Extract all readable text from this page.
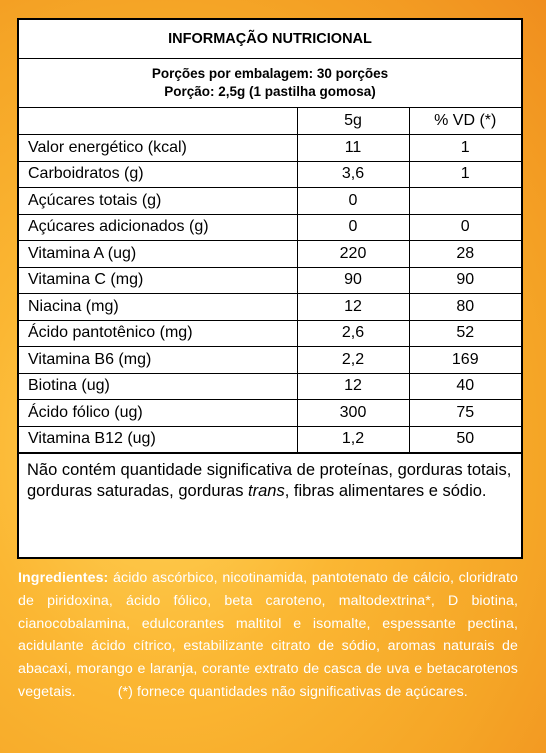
INFORMAÇÃO NUTRICIONAL
Porções por embalagem: 30 porções
Porção: 2,5g (1 pastilha gomosa)
	5g	% VD (*)
Valor energético (kcal)	11	1
Carboidratos (g)	3,6	1
Açúcares totais (g)	0	
Açúcares adicionados (g)	0	0
Vitamina A (ug)	220	28
Vitamina C (mg)	90	90
Niacina (mg)	12	80
Ácido pantotênico (mg)	2,6	52
Vitamina B6 (mg)	2,2	169
Biotina (ug)	12	40
Ácido fólico (ug)	300	75
Vitamina B12 (ug)	1,2	50
Não contém quantidade significativa de proteínas, gorduras totais, gorduras saturadas, gorduras trans, fibras alimentares e sódio.
Ingredientes: ácido ascórbico, nicotinamida, pantotenato de cálcio, cloridrato de piridoxina, ácido fólico, beta caroteno, maltodextrina*, D biotina, cianocobalamina, edulcorantes maltitol e isomalte, espessante pectina, acidulante ácido cítrico, estabilizante citrato de sódio, aromas naturais de abacaxi, morango e laranja, corante extrato de casca de uva e betacarotenos vegetais.	(*) fornece quantidades não significativas de açúcares.
